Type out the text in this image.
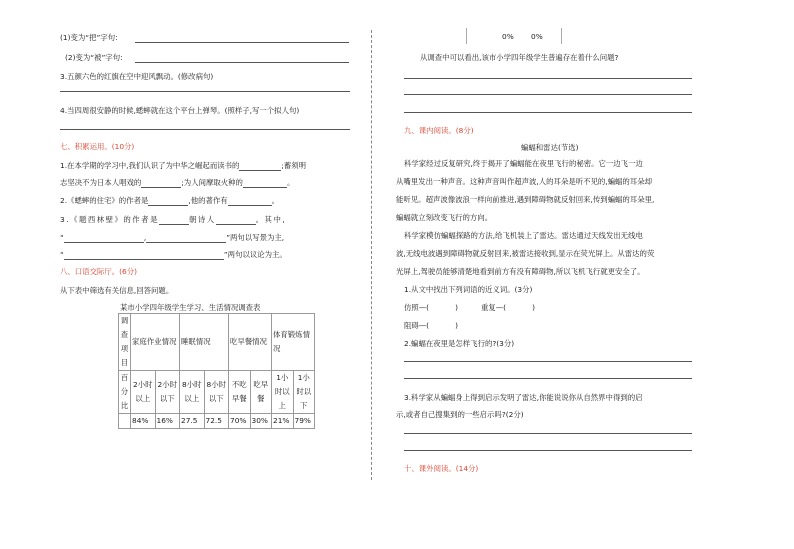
(1)变为“把”字句:
(2)变为“被”字句:
3.五颜六色的红旗在空中迎风飘动。(修改病句)
4.当四周很安静的时候,蟋蟀就在这个平台上弹琴。(照样子,写一个拟人句)
七、积累运用。(10分)
1.在本学期的学习中,我们认识了为中华之崛起而读书的	;蓄须明
志坚决不为日本人唱戏的	;为人间摩取火种的	。
2.《蟋蟀的住宅》的作者是	,他的著作有	。
3.《题西林壁》的作者是	朝诗人	。其中,
“	,	”两句以写景为主,
“	”两句以议论为主。
八、口语交际厅。(6分)
从下表中筛选有关信息,回答问题。
某市小学四年级学生学习、生活情况调查表
调查项目	家庭作业情况		睡眠情况		吃早餐情况		体育锻炼情况	
百分比	2小时以上	2小时以下	8小时以上	8小时以下	不吃早餐	吃早餐	1小时以上	1小时以下
	84%	16%	27.5	72.5	70%	30%	21%	79%
0% 0%
从调查中可以看出,该市小学四年级学生普遍存在着什么问题?
九、课内阅读。(8分)
蝙蝠和雷达(节选)
科学家经过反复研究,终于揭开了蝙蝠能在夜里飞行的秘密。它一边飞一边
从嘴里发出一种声音。这种声音叫作超声波,人的耳朵是听不见的,蝙蝠的耳朵却
能听见。超声波像波浪一样向前推进,遇到障碍物就反射回来,传到蝙蝠的耳朵里,
蝙蝠就立刻改变飞行的方向。
科学家模仿蝙蝠探路的方法,给飞机装上了雷达。雷达通过天线发出无线电
波,无线电波遇到障碍物就反射回来,被雷达接收到,显示在荧光屏上。从雷达的荧
光屏上,驾驶员能够清楚地看到前方有没有障碍物,所以飞机飞行就更安全了。
1.从文中找出下列词语的近义词。(3分)
仿照—(	)	重复—(	)
阻碍—(	)
2.蝙蝠在夜里是怎样飞行的?(3分)
3.科学家从蝙蝠身上得到启示发明了雷达,你能说说你从自然界中得到的启
示,或者自己搜集到的一些启示吗?(2分)
十、课外阅读。(14分)
